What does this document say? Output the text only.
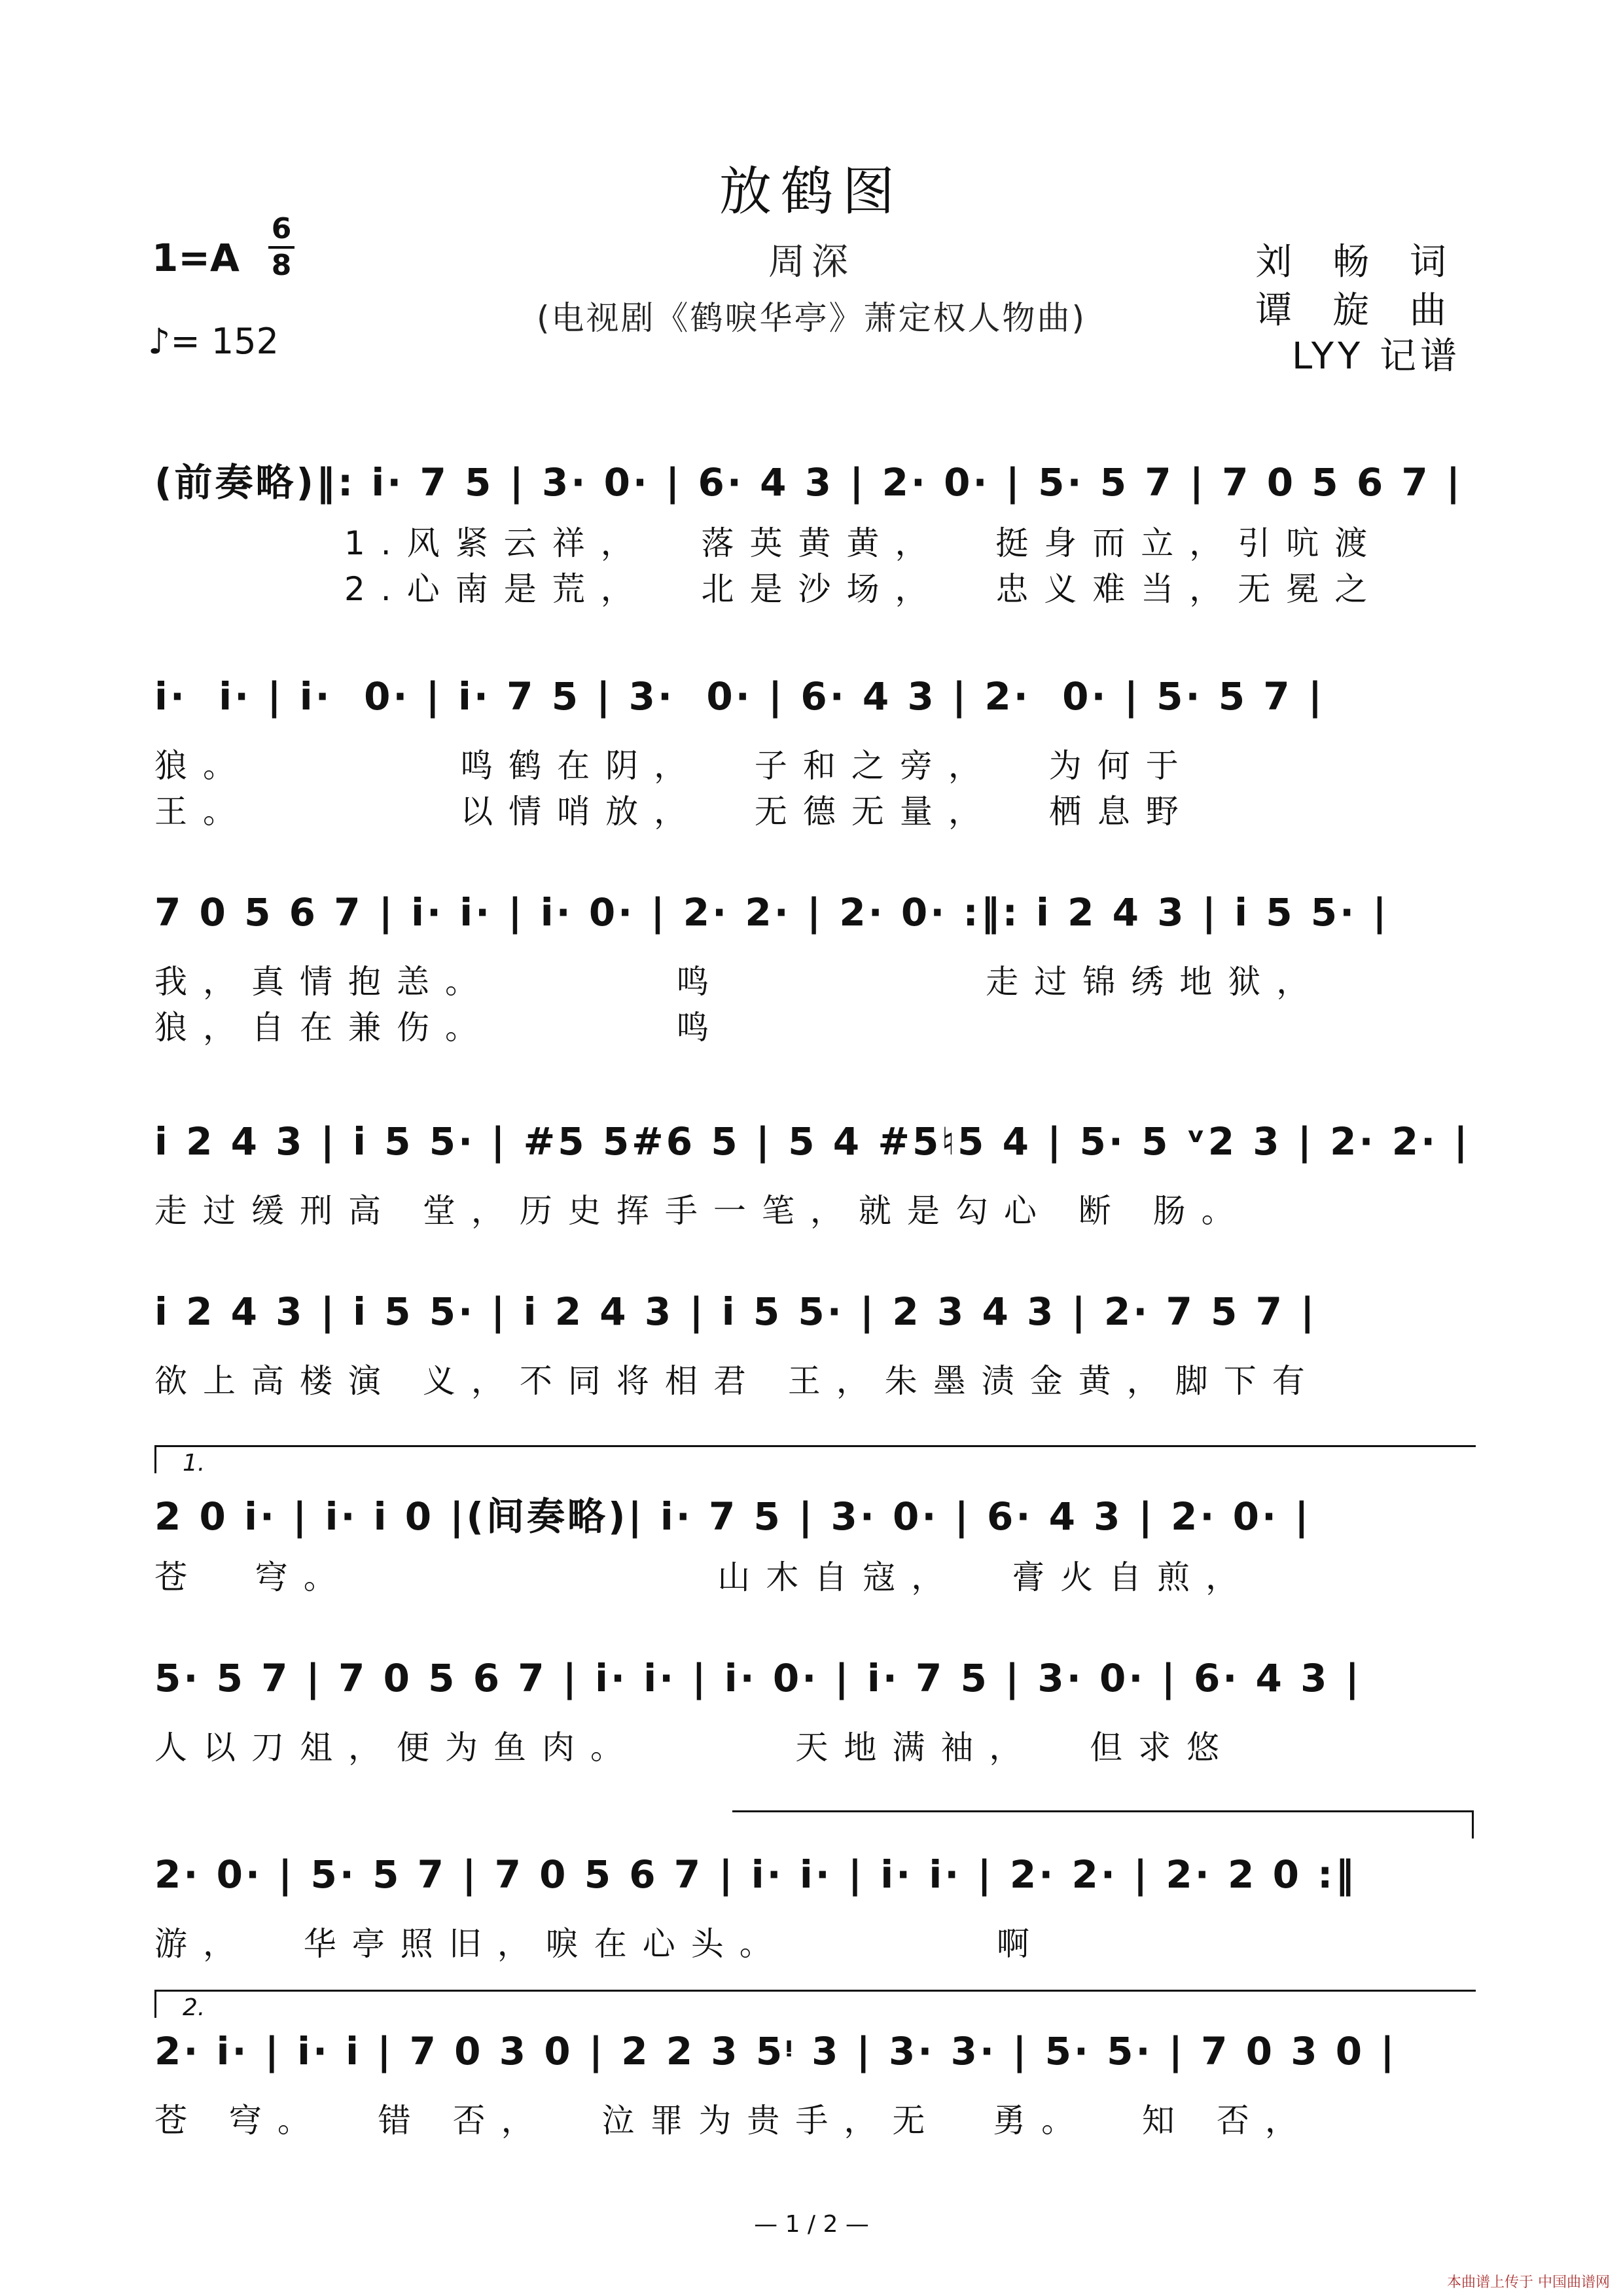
放鹤图
1=A
6
8
♪= 152
周深
(电视剧《鹤唳华亭》萧定权人物曲)
刘 畅 词
谭 旋 曲
LYY 记谱
(前奏略)‖: i· 7 5 | 3· 0· | 6· 4 3 | 2· 0· | 5· 5 7 | 7 0 5 6 7 |
1.风紧云祥，  落英黄黄，  挺身而立，引吭渡
2.心南是荒，  北是沙场，  忠义难当，无冕之
i·  i· | i·  0· | i· 7 5 | 3·  0· | 6· 4 3 | 2·  0· | 5· 5 7 |
狼。        鸣鹤在阴，  子和之旁，  为何于
王。        以情哨放，  无德无量，  栖息野
7 0 5 6 7 | i· i· | i· 0· | 2· 2· | 2· 0· :‖: i 2 4 3 | i 5 5· |
我，真情抱恙。       鸣          走过锦绣地狱，
狼，自在兼伤。       鸣
i 2 4 3 | i 5 5· | #5 5#6 5 | 5 4 #5♮5 4 | 5· 5 ᵛ2 3 | 2· 2· |
走过缓刑高 堂，历史挥手一笔，就是勾心 断 肠。
i 2 4 3 | i 5 5· | i 2 4 3 | i 5 5· | 2 3 4 3 | 2· 7 5 7 |
欲上高楼演 义，不同将相君 王，朱墨渍金黄，脚下有
1.
2 0 i· | i· i 0 |(间奏略)| i· 7 5 | 3· 0· | 6· 4 3 | 2· 0· |
苍  穹。              山木自寇，  膏火自煎，
5· 5 7 | 7 0 5 6 7 | i· i· | i· 0· | i· 7 5 | 3· 0· | 6· 4 3 |
人以刀俎，便为鱼肉。      天地满袖，  但求悠
2· 0· | 5· 5 7 | 7 0 5 6 7 | i· i· | i· i· | 2· 2· | 2· 2 0 :‖
游，  华亭照旧，唳在心头。        啊
2.
2· i· | i· i | 7 0 3 0 | 2 2 3 5ᵎ 3 | 3· 3· | 5· 5· | 7 0 3 0 |
苍 穹。  错 否，  泣罪为贵手，无  勇。  知 否，
— 1 / 2 —
本曲谱上传于 中国曲谱网
